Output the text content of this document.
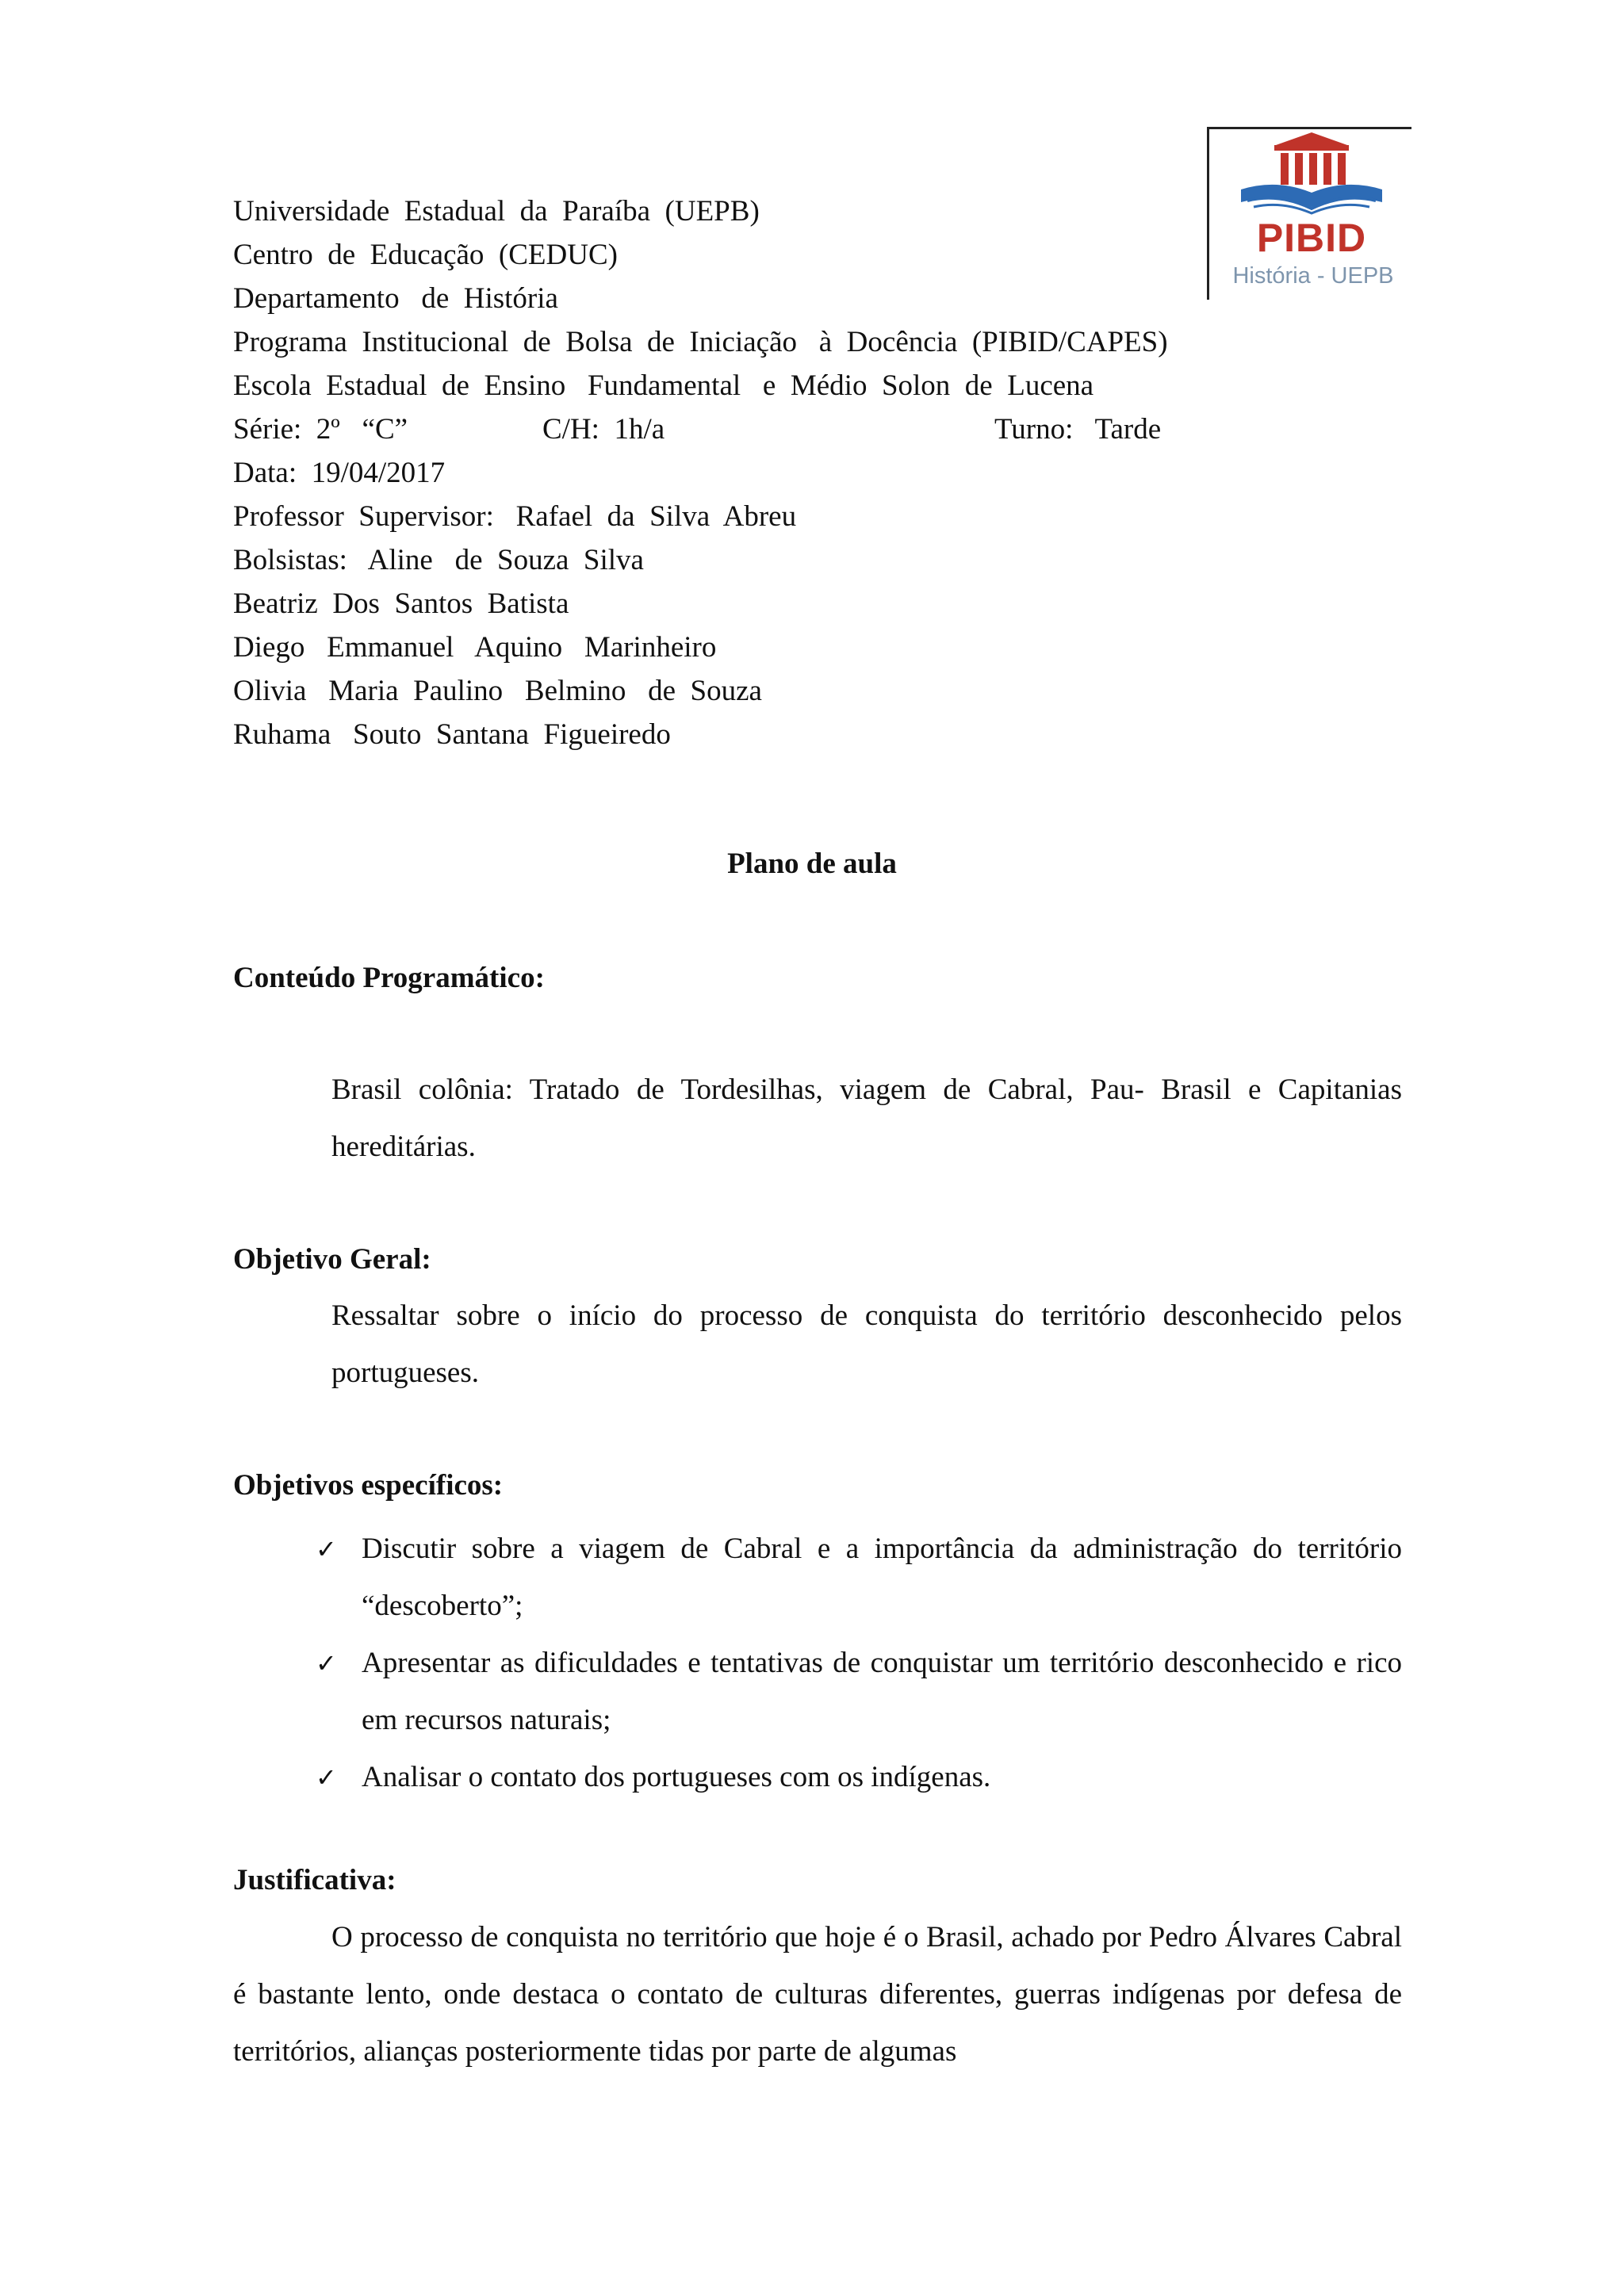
PIBID
História - UEPB
Universidade  Estadual  da  Paraíba  (UEPB)
Centro  de  Educação  (CEDUC)
Departamento   de  História
Programa  Institucional  de  Bolsa  de  Iniciação   à  Docência  (PIBID/CAPES)
Escola  Estadual  de  Ensino   Fundamental   e  Médio  Solon  de  Lucena
Série:  2º   “C”	C/H:  1h/a	Turno:   Tarde
Data:  19/04/2017
Professor  Supervisor:   Rafael  da  Silva  Abreu
Bolsistas:   Aline   de  Souza  Silva
Beatriz  Dos  Santos  Batista
Diego   Emmanuel   Aquino   Marinheiro
Olivia   Maria  Paulino   Belmino   de  Souza
Ruhama   Souto  Santana  Figueiredo
Plano de aula
Conteúdo Programático:
Brasil colônia: Tratado de Tordesilhas, viagem de Cabral, Pau- Brasil e Capitanias hereditárias.
Objetivo Geral:
Ressaltar sobre o início do processo de conquista do território desconhecido pelos portugueses.
Objetivos específicos:
✓ Discutir sobre a viagem de Cabral e a importância da administração do território “descoberto”;
✓ Apresentar as dificuldades e tentativas de conquistar um território desconhecido e rico em recursos naturais;
✓ Analisar o contato dos portugueses com os indígenas.
Justificativa:
O processo de conquista no território que hoje é o Brasil, achado por Pedro Álvares Cabral é bastante lento, onde destaca o contato de culturas diferentes, guerras indígenas por defesa de territórios, alianças posteriormente tidas por parte de algumas
